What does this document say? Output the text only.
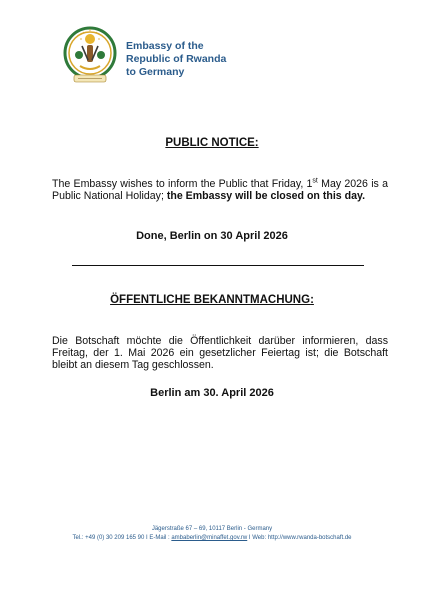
Embassy of the
Republic of Rwanda
to Germany
PUBLIC NOTICE:
The Embassy wishes to inform the Public that Friday, 1st May 2026 is a Public National Holiday; the Embassy will be closed on this day.
Done, Berlin on 30 April 2026
ÖFFENTLICHE BEKANNTMACHUNG:
Die Botschaft möchte die Öffentlichkeit darüber informieren, dass Freitag, der 1. Mai 2026 ein gesetzlicher Feiertag ist; die Botschaft bleibt an diesem Tag geschlossen.
Berlin am 30. April 2026
Jägerstraße 67 – 69, 10117 Berlin - Germany
Tel.: +49 (0) 30 209 165 90 I E-Mail : ambaberlin@minaffet.gov.rw I Web: http://www.rwanda-botschaft.de
